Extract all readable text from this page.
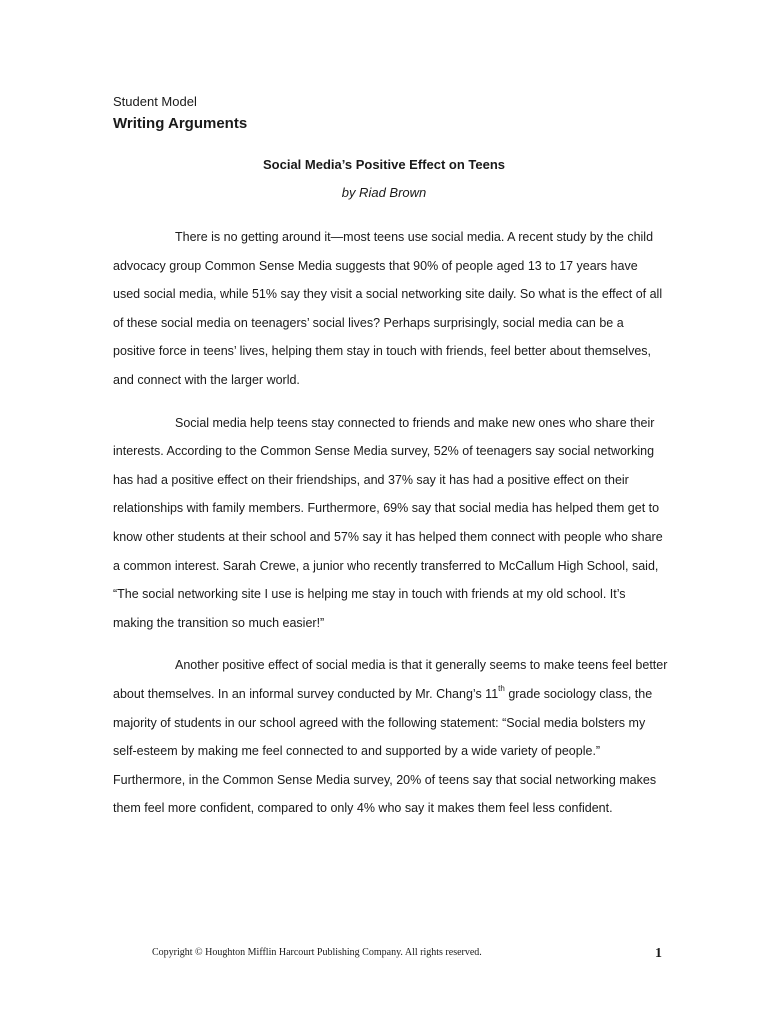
Student Model
Writing Arguments
Social Media’s Positive Effect on Teens
by Riad Brown

There is no getting around it—most teens use social media. A recent study by the child advocacy group Common Sense Media suggests that 90% of people aged 13 to 17 years have used social media, while 51% say they visit a social networking site daily. So what is the effect of all of these social media on teenagers’ social lives? Perhaps surprisingly, social media can be a positive force in teens’ lives, helping them stay in touch with friends, feel better about themselves, and connect with the larger world.

Social media help teens stay connected to friends and make new ones who share their interests. According to the Common Sense Media survey, 52% of teenagers say social networking has had a positive effect on their friendships, and 37% say it has had a positive effect on their relationships with family members. Furthermore, 69% say that social media has helped them get to know other students at their school and 57% say it has helped them connect with people who share a common interest. Sarah Crewe, a junior who recently transferred to McCallum High School, said, “The social networking site I use is helping me stay in touch with friends at my old school. It’s making the transition so much easier!”

Another positive effect of social media is that it generally seems to make teens feel better about themselves. In an informal survey conducted by Mr. Chang’s 11th grade sociology class, the majority of students in our school agreed with the following statement: “Social media bolsters my self-esteem by making me feel connected to and supported by a wide variety of people.” Furthermore, in the Common Sense Media survey, 20% of teens say that social networking makes them feel more confident, compared to only 4% who say it makes them feel less confident.

Copyright © Houghton Mifflin Harcourt Publishing Company. All rights reserved.	1
